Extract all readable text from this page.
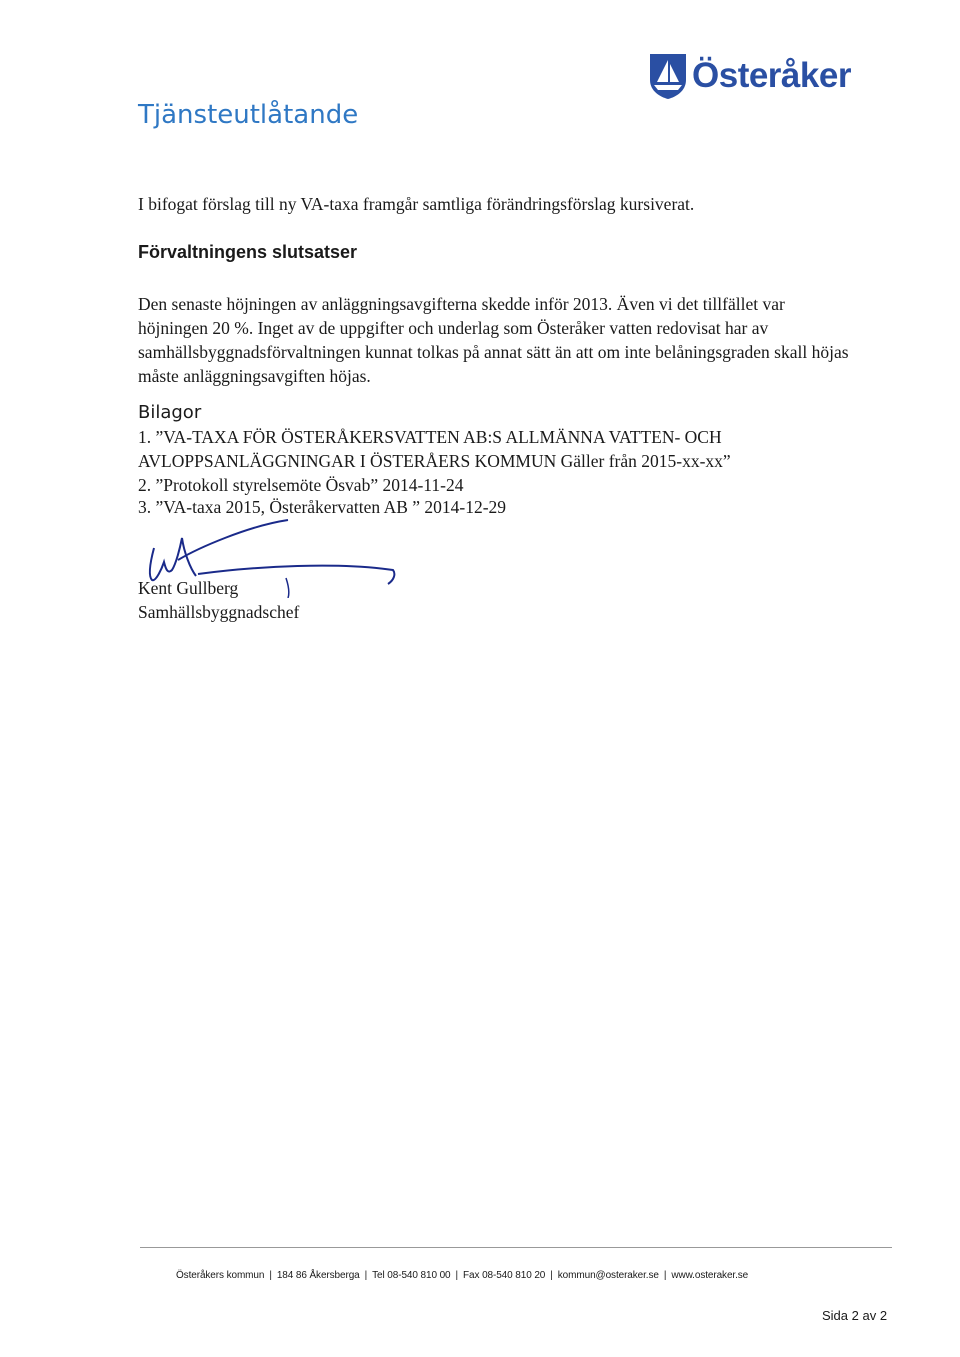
Österåker
Tjänsteutlåtande
I bifogat förslag till ny VA-taxa framgår samtliga förändringsförslag kursiverat.
Förvaltningens slutsatser
Den senaste höjningen av anläggningsavgifterna skedde inför 2013. Även vi det tillfället var höjningen 20 %. Inget av de uppgifter och underlag som Österåker vatten redovisat har av samhällsbyggnadsförvaltningen kunnat tolkas på annat sätt än att om inte belåningsgraden skall höjas måste anläggningsavgiften höjas.
Bilagor
1. ”VA-TAXA FÖR ÖSTERÅKERSVATTEN AB:S ALLMÄNNA VATTEN- OCH AVLOPPSANLÄGGNINGAR I ÖSTERÅERS KOMMUN Gäller från 2015-xx-xx”
2. ”Protokoll styrelsemöte Ösvab” 2014-11-24
3. ”VA-taxa 2015, Österåkervatten AB ” 2014-12-29
Kent Gullberg
Samhällsbyggnadschef
Österåkers kommun | 184 86 Åkersberga | Tel 08-540 810 00 | Fax 08-540 810 20 | kommun@osteraker.se | www.osteraker.se
Sida 2 av 2
